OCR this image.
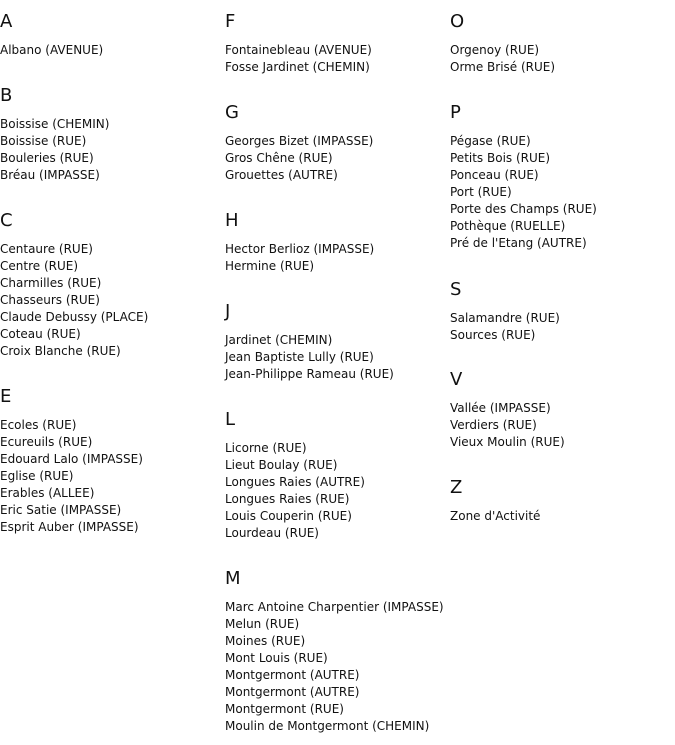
A
Albano (AVENUE)
B
Boissise (CHEMIN)
Boissise (RUE)
Bouleries (RUE)
Bréau (IMPASSE)
C
Centaure (RUE)
Centre (RUE)
Charmilles (RUE)
Chasseurs (RUE)
Claude Debussy (PLACE)
Coteau (RUE)
Croix Blanche (RUE)
E
Ecoles (RUE)
Ecureuils (RUE)
Edouard Lalo (IMPASSE)
Eglise (RUE)
Erables (ALLEE)
Eric Satie (IMPASSE)
Esprit Auber (IMPASSE)
F
Fontainebleau (AVENUE)
Fosse Jardinet (CHEMIN)
G
Georges Bizet (IMPASSE)
Gros Chêne (RUE)
Grouettes (AUTRE)
H
Hector Berlioz (IMPASSE)
Hermine (RUE)
J
Jardinet (CHEMIN)
Jean Baptiste Lully (RUE)
Jean-Philippe Rameau (RUE)
L
Licorne (RUE)
Lieut Boulay (RUE)
Longues Raies (AUTRE)
Longues Raies (RUE)
Louis Couperin (RUE)
Lourdeau (RUE)
M
Marc Antoine Charpentier (IMPASSE)
Melun (RUE)
Moines (RUE)
Mont Louis (RUE)
Montgermont (AUTRE)
Montgermont (AUTRE)
Montgermont (RUE)
Moulin de Montgermont (CHEMIN)
O
Orgenoy (RUE)
Orme Brisé (RUE)
P
Pégase (RUE)
Petits Bois (RUE)
Ponceau (RUE)
Port (RUE)
Porte des Champs (RUE)
Pothèque (RUELLE)
Pré de l'Etang (AUTRE)
S
Salamandre (RUE)
Sources (RUE)
V
Vallée (IMPASSE)
Verdiers (RUE)
Vieux Moulin (RUE)
Z
Zone d'Activité
